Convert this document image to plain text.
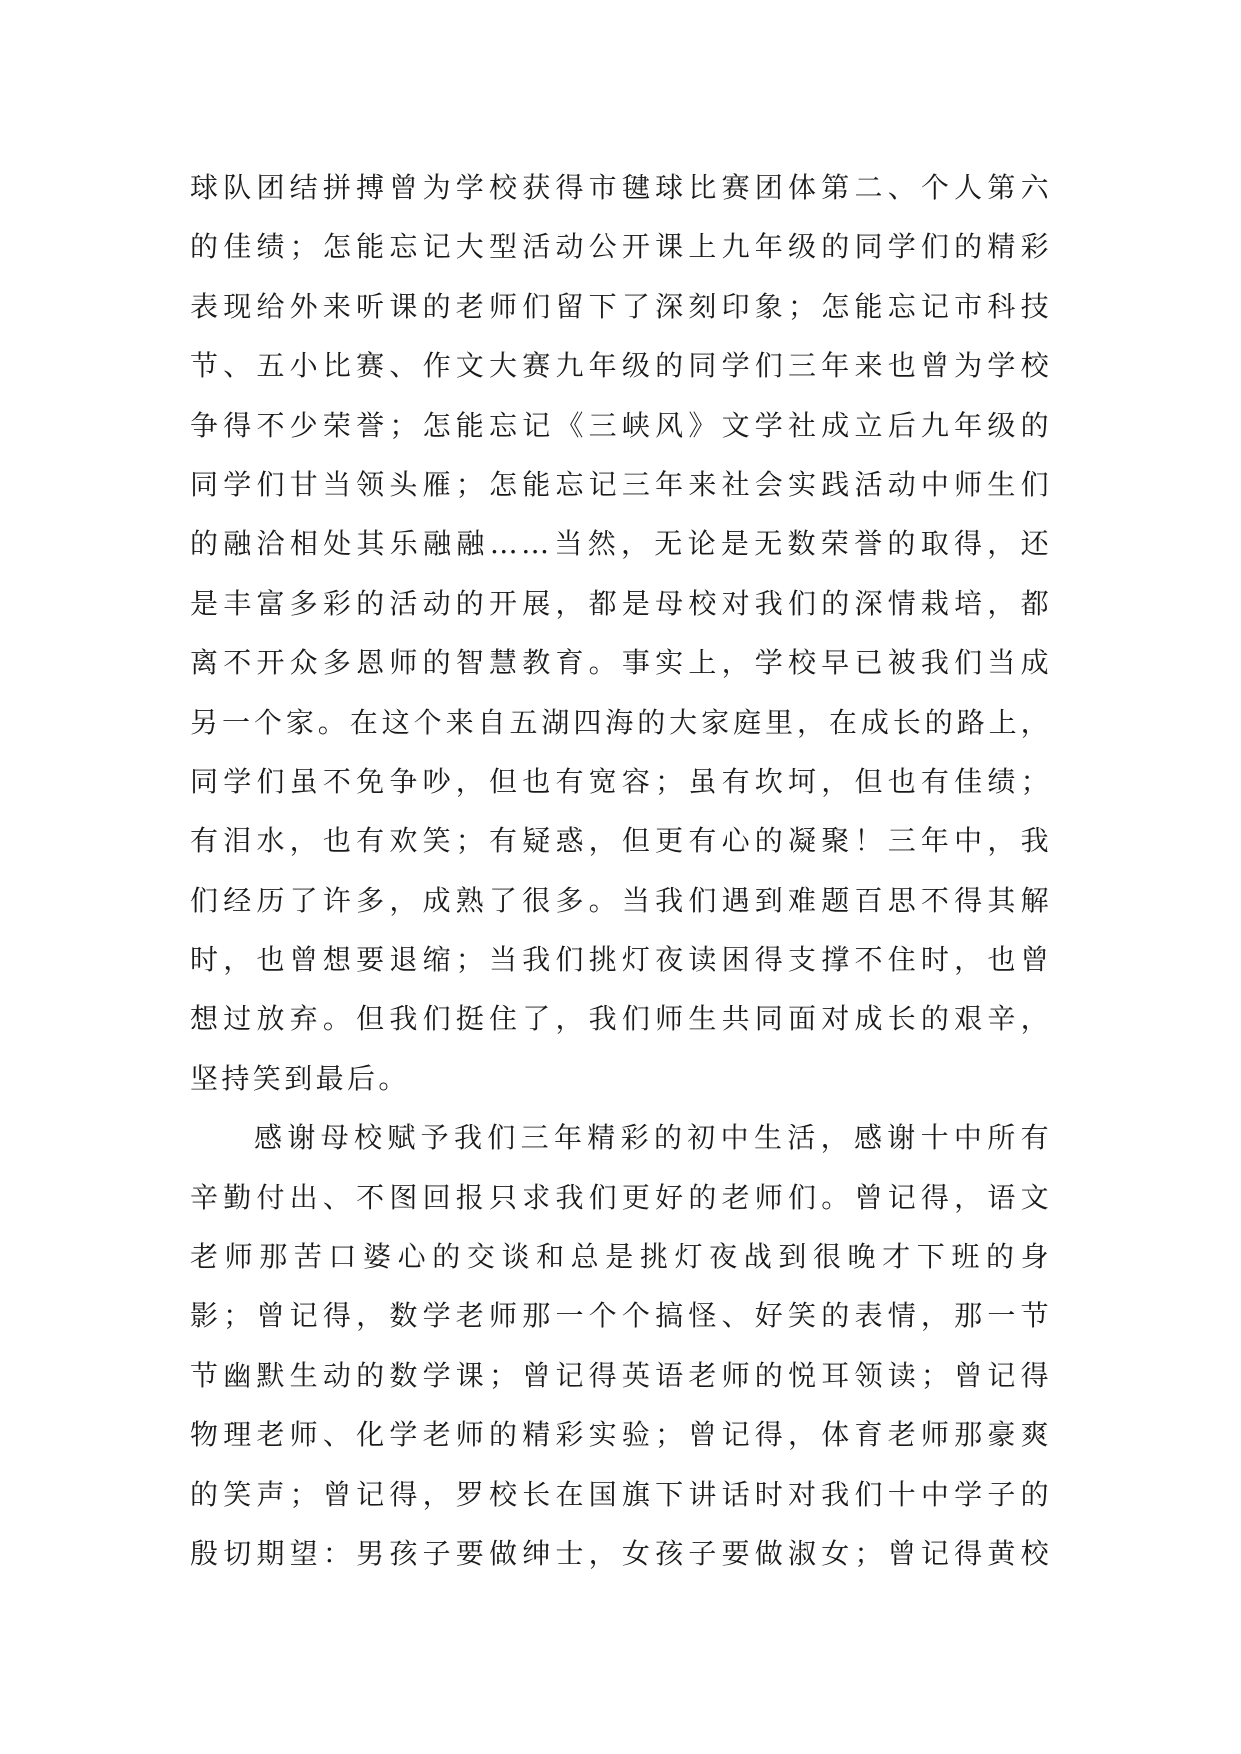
球队团结拼搏曾为学校获得市毽球比赛团体第二、个人第六
的佳绩；怎能忘记大型活动公开课上九年级的同学们的精彩
表现给外来听课的老师们留下了深刻印象；怎能忘记市科技
节、五小比赛、作文大赛九年级的同学们三年来也曾为学校
争得不少荣誉；怎能忘记《三峡风》文学社成立后九年级的
同学们甘当领头雁；怎能忘记三年来社会实践活动中师生们
的融洽相处其乐融融……当然，无论是无数荣誉的取得，还
是丰富多彩的活动的开展，都是母校对我们的深情栽培，都
离不开众多恩师的智慧教育。事实上，学校早已被我们当成
另一个家。在这个来自五湖四海的大家庭里，在成长的路上，
同学们虽不免争吵，但也有宽容；虽有坎坷，但也有佳绩；
有泪水，也有欢笑；有疑惑，但更有心的凝聚！三年中，我
们经历了许多，成熟了很多。当我们遇到难题百思不得其解
时，也曾想要退缩；当我们挑灯夜读困得支撑不住时，也曾
想过放弃。但我们挺住了，我们师生共同面对成长的艰辛，
坚持笑到最后。
感谢母校赋予我们三年精彩的初中生活，感谢十中所有
辛勤付出、不图回报只求我们更好的老师们。曾记得，语文
老师那苦口婆心的交谈和总是挑灯夜战到很晚才下班的身
影；曾记得，数学老师那一个个搞怪、好笑的表情，那一节
节幽默生动的数学课；曾记得英语老师的悦耳领读；曾记得
物理老师、化学老师的精彩实验；曾记得，体育老师那豪爽
的笑声；曾记得，罗校长在国旗下讲话时对我们十中学子的
殷切期望：男孩子要做绅士，女孩子要做淑女；曾记得黄校
